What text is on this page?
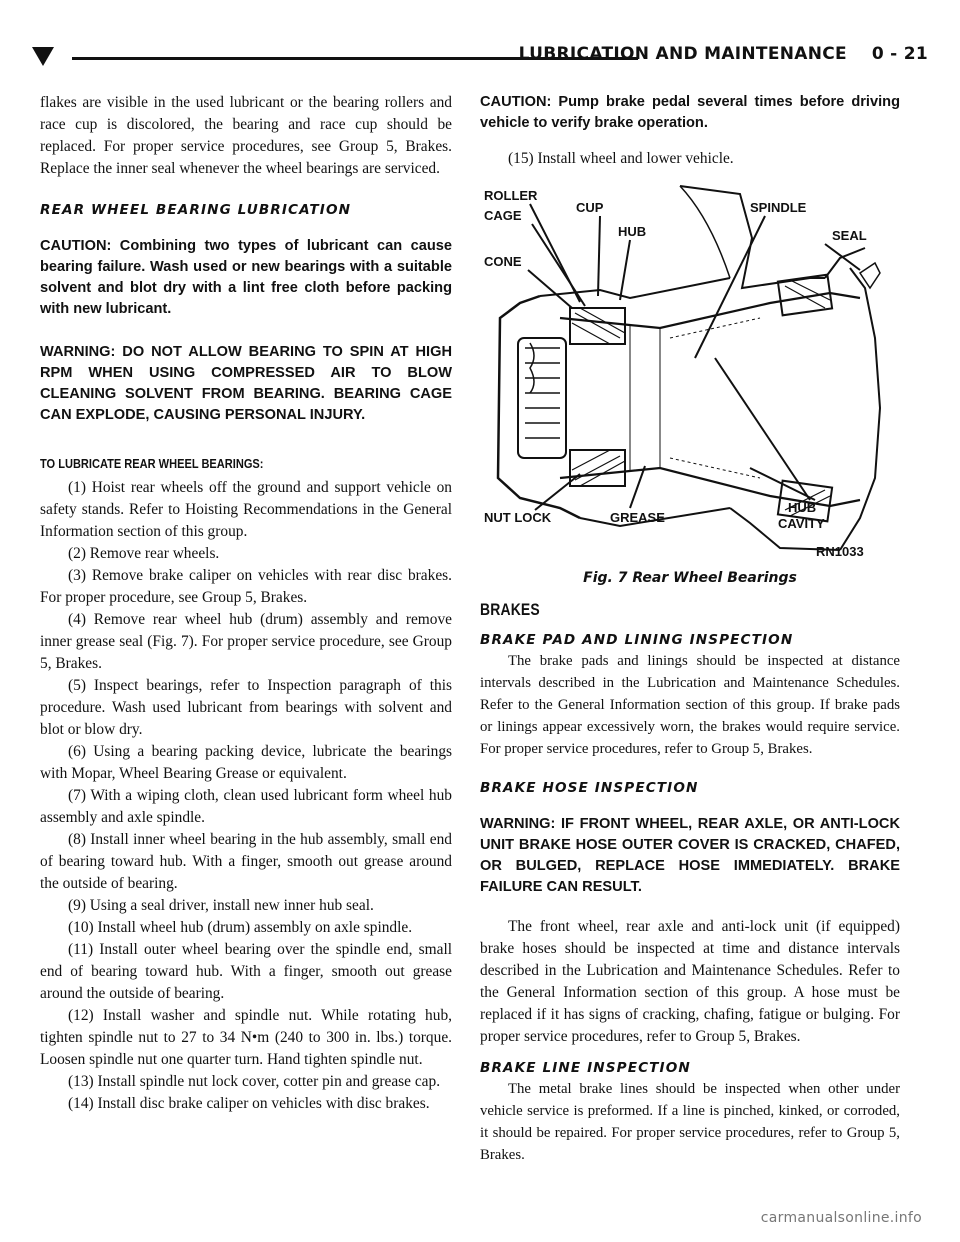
LUBRICATION AND MAINTENANCE    0 - 21

flakes are visible in the used lubricant or the bearing rollers and race cup is discolored, the bearing and race cup should be replaced. For proper service procedures, see Group 5, Brakes. Replace the inner seal whenever the wheel bearings are serviced.

REAR WHEEL BEARING LUBRICATION

CAUTION: Combining two types of lubricant can cause bearing failure. Wash used or new bearings with a suitable solvent and blot dry with a lint free cloth before packing with new lubricant.

WARNING: DO NOT ALLOW BEARING TO SPIN AT HIGH RPM WHEN USING COMPRESSED AIR TO BLOW CLEANING SOLVENT FROM BEARING. BEARING CAGE CAN EXPLODE, CAUSING PERSONAL INJURY.

TO LUBRICATE REAR WHEEL BEARINGS:

(1) Hoist rear wheels off the ground and support vehicle on safety stands. Refer to Hoisting Recommendations in the General Information section of this group.

(2) Remove rear wheels.

(3) Remove brake caliper on vehicles with rear disc brakes. For proper procedure, see Group 5, Brakes.

(4) Remove rear wheel hub (drum) assembly and remove inner grease seal (Fig. 7). For proper service procedure, see Group 5, Brakes.

(5) Inspect bearings, refer to Inspection paragraph of this procedure. Wash used lubricant from bearings with solvent and blot or blow dry.

(6) Using a bearing packing device, lubricate the bearings with Mopar, Wheel Bearing Grease or equivalent.

(7) With a wiping cloth, clean used lubricant form wheel hub assembly and axle spindle.

(8) Install inner wheel bearing in the hub assembly, small end of bearing toward hub. With a finger, smooth out grease around the outside of bearing.

(9) Using a seal driver, install new inner hub seal.

(10) Install wheel hub (drum) assembly on axle spindle.

(11) Install outer wheel bearing over the spindle end, small end of bearing toward hub. With a finger, smooth out grease around the outside of bearing.

(12) Install washer and spindle nut. While rotating hub, tighten spindle nut to 27 to 34 N•m (240 to 300 in. lbs.) torque. Loosen spindle nut one quarter turn. Hand tighten spindle nut.

(13) Install spindle nut lock cover, cotter pin and grease cap.

(14) Install disc brake caliper on vehicles with disc brakes.

CAUTION: Pump brake pedal several times before driving vehicle to verify brake operation.

(15) Install wheel and lower vehicle.

ROLLER
CAGE
CUP
HUB
CONE
SPINDLE
SEAL
NUT LOCK	GREASE
HUB
CAVITY
RN1033

Fig. 7 Rear Wheel Bearings

BRAKES

BRAKE PAD AND LINING INSPECTION

The brake pads and linings should be inspected at distance intervals described in the Lubrication and Maintenance Schedules. Refer to the General Information section of this group. If brake pads or linings appear excessively worn, the brakes would require service. For proper service procedures, refer to Group 5, Brakes.

BRAKE HOSE INSPECTION

WARNING: IF FRONT WHEEL, REAR AXLE, OR ANTI-LOCK UNIT BRAKE HOSE OUTER COVER IS CRACKED, CHAFED, OR BULGED, REPLACE HOSE IMMEDIATELY. BRAKE FAILURE CAN RESULT.

The front wheel, rear axle and anti-lock unit (if equipped) brake hoses should be inspected at time and distance intervals described in the Lubrication and Maintenance Schedules. Refer to the General Information section of this group. A hose must be replaced if it has signs of cracking, chafing, fatigue or bulging. For proper service procedures, refer to Group 5, Brakes.

BRAKE LINE INSPECTION

The metal brake lines should be inspected when other under vehicle service is preformed. If a line is pinched, kinked, or corroded, it should be repaired. For proper service procedures, refer to Group 5, Brakes.

carmanualsonline.info
